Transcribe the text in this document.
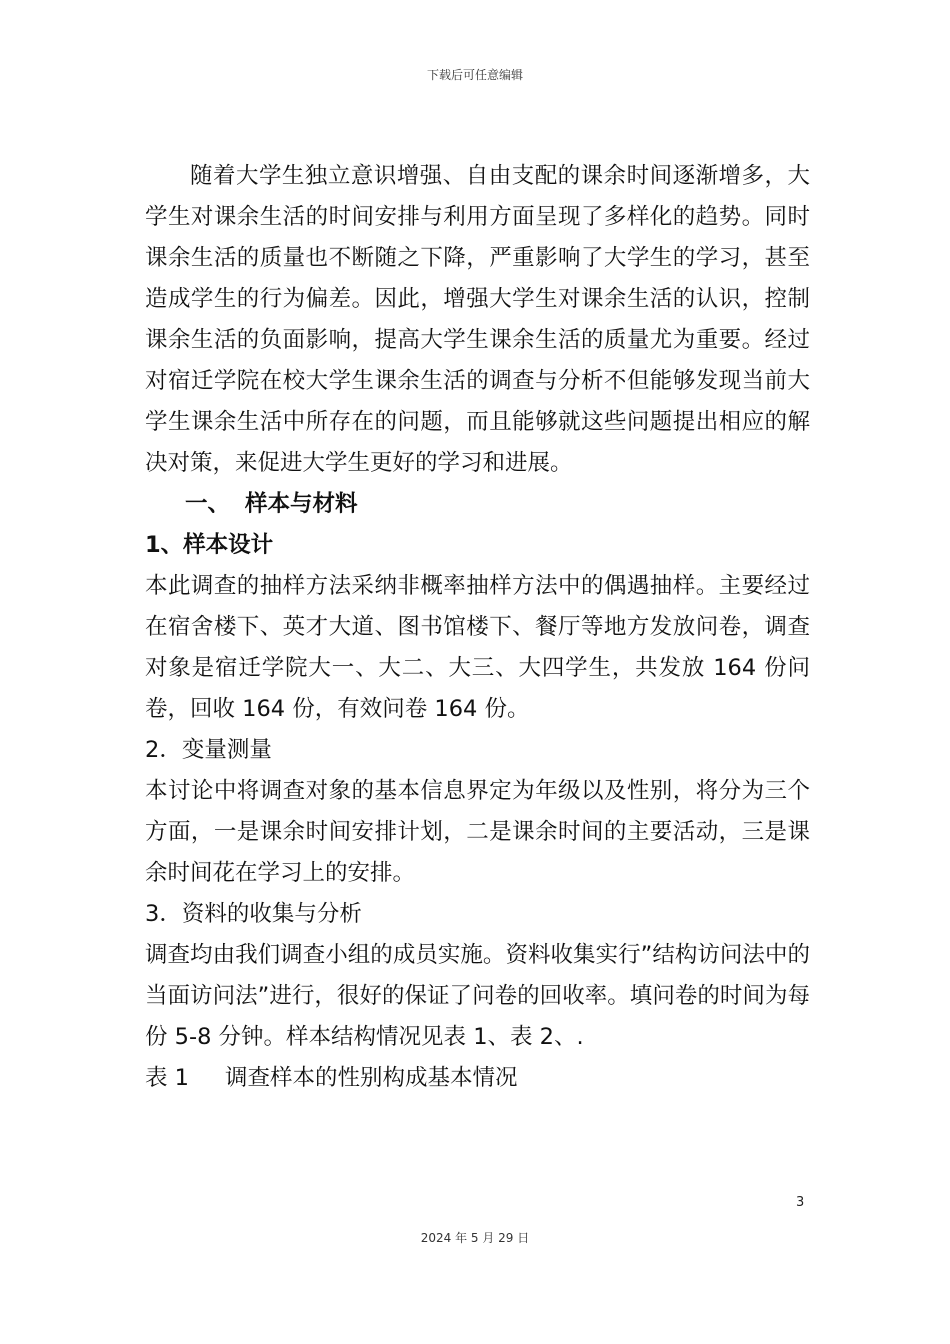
下载后可任意编辑

随着大学生独立意识增强、自由支配的课余时间逐渐增多，大学生对课余生活的时间安排与利用方面呈现了多样化的趋势。同时课余生活的质量也不断随之下降，严重影响了大学生的学习，甚至造成学生的行为偏差。因此，增强大学生对课余生活的认识，控制课余生活的负面影响，提高大学生课余生活的质量尤为重要。经过对宿迁学院在校大学生课余生活的调查与分析不但能够发现当前大学生课余生活中所存在的问题，而且能够就这些问题提出相应的解决对策，来促进大学生更好的学习和进展。

一、 样本与材料

1、样本设计

本此调查的抽样方法采纳非概率抽样方法中的偶遇抽样。主要经过在宿舍楼下、英才大道、图书馆楼下、餐厅等地方发放问卷，调查对象是宿迁学院大一、大二、大三、大四学生，共发放 164 份问卷，回收 164 份，有效问卷 164 份。

2．变量测量

本讨论中将调查对象的基本信息界定为年级以及性别，将分为三个方面，一是课余时间安排计划，二是课余时间的主要活动，三是课余时间花在学习上的安排。

3．资料的收集与分析

调查均由我们调查小组的成员实施。资料收集实行”结构访问法中的当面访问法”进行，很好的保证了问卷的回收率。填问卷的时间为每份 5-8 分钟。样本结构情况见表 1、表 2、.

表 1 调查样本的性别构成基本情况

3
2024 年 5 月 29 日
